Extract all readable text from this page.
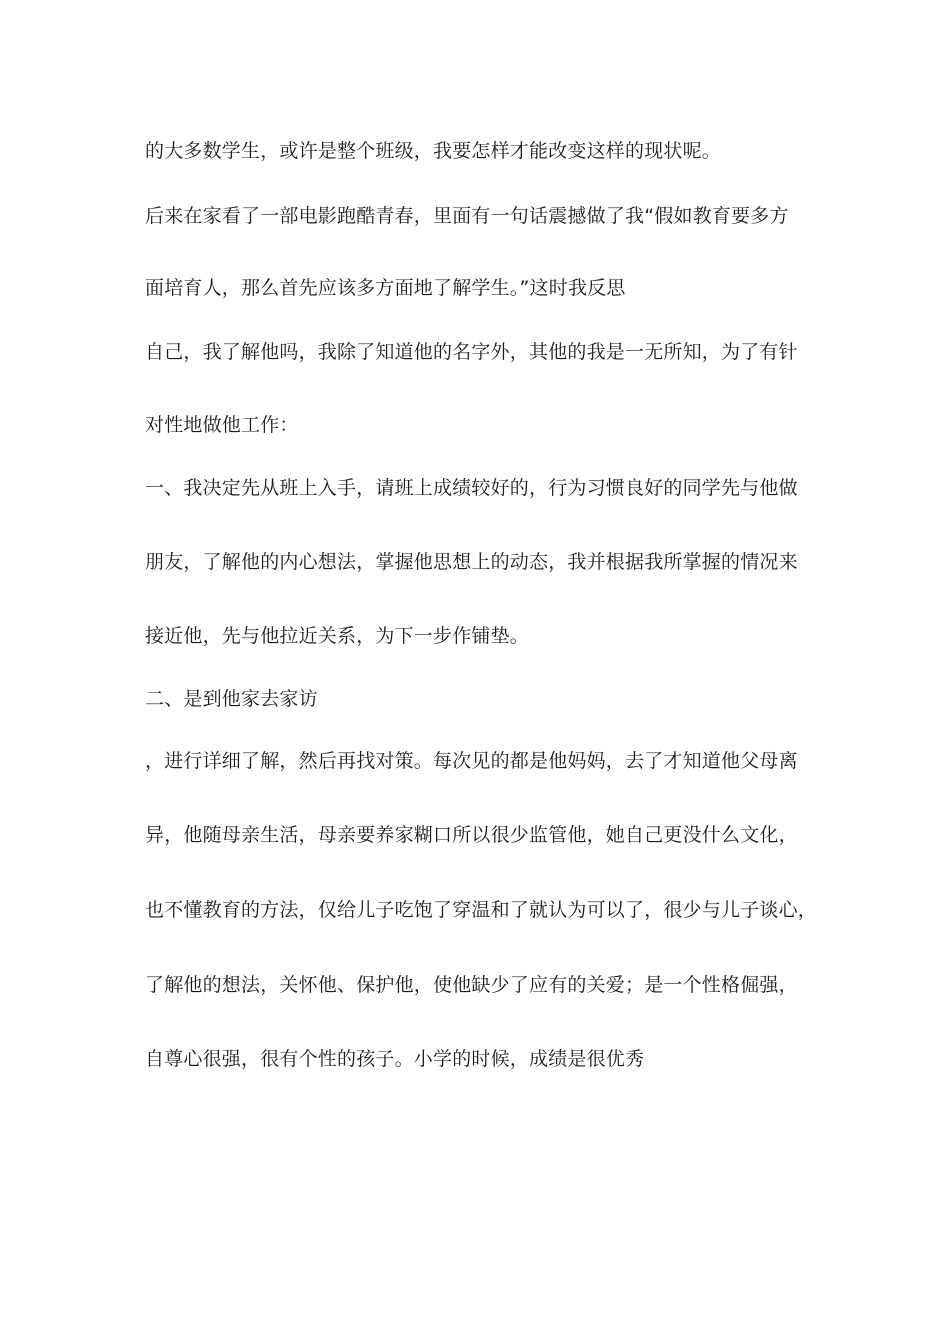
的大多数学生，或许是整个班级，我要怎样才能改变这样的现状呢。

后来在家看了一部电影跑酷青春，里面有一句话震撼做了我“假如教育要多方

面培育人，那么首先应该多方面地了解学生。”这时我反思

自己，我了解他吗，我除了知道他的名字外，其他的我是一无所知，为了有针

对性地做他工作：

一、我决定先从班上入手，请班上成绩较好的，行为习惯良好的同学先与他做

朋友，了解他的内心想法，掌握他思想上的动态，我并根据我所掌握的情况来

接近他，先与他拉近关系，为下一步作铺垫。

二、是到他家去家访

，进行详细了解，然后再找对策。每次见的都是他妈妈，去了才知道他父母离

异，他随母亲生活，母亲要养家糊口所以很少监管他，她自己更没什么文化，

也不懂教育的方法，仅给儿子吃饱了穿温和了就认为可以了，很少与儿子谈心，

了解他的想法，关怀他、保护他，使他缺少了应有的关爱；是一个性格倔强，

自尊心很强，很有个性的孩子。小学的时候，成绩是很优秀
